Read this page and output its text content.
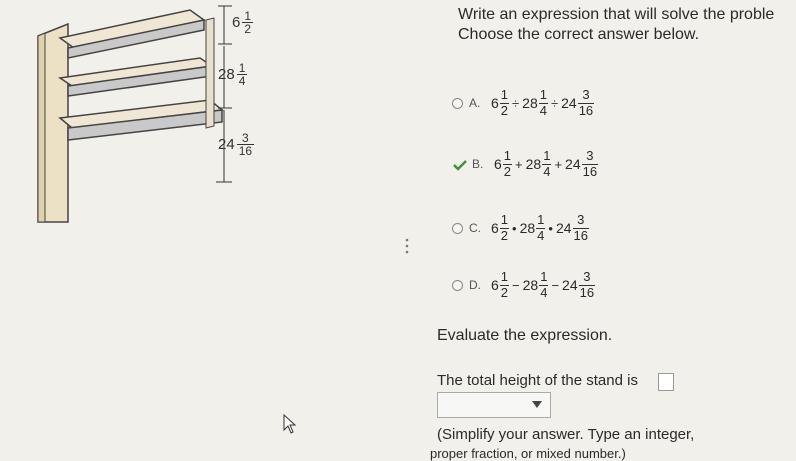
$6 \frac{1}{2}$
$28 \frac{1}{4}$
$24 \frac{3}{16}$
Write an expression that will solve the proble
Choose the correct answer below.
A. $6 \frac{1}{2} \div 28 \frac{1}{4} \div 24 \frac{3}{16}$
B. $6 \frac{1}{2} + 28 \frac{1}{4} + 24 \frac{3}{16}$
C. $6 \frac{1}{2}$ • $28 \frac{1}{4}$ • $24 \frac{3}{16}$
D. $6 \frac{1}{2} - 28 \frac{1}{4} - 24 \frac{3}{16}$
Evaluate the expression.
The total height of the stand is
(Simplify your answer. Type an integer,
proper fraction, or mixed number.)
